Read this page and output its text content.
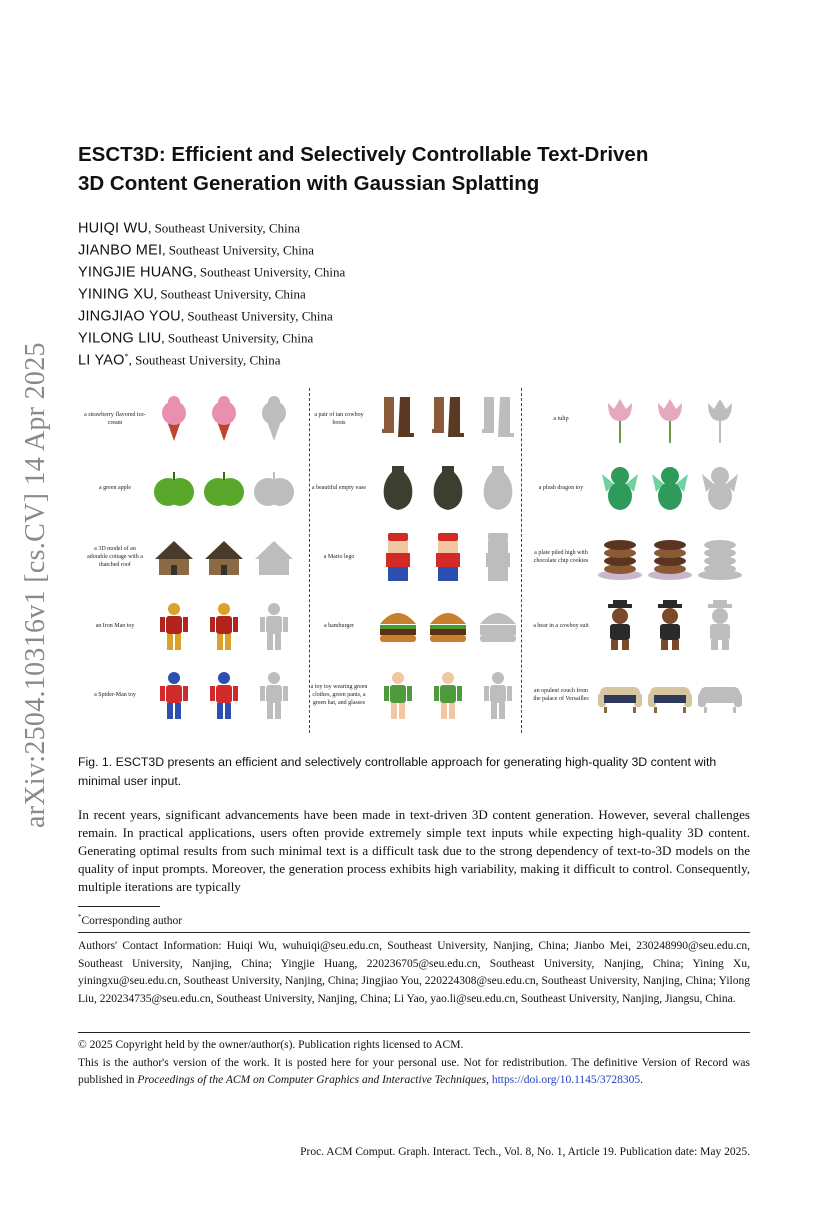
arXiv:2504.10316v1 [cs.CV] 14 Apr 2025
ESCT3D: Efficient and Selectively Controllable Text-Driven
3D Content Generation with Gaussian Splatting
HUIQI WU, Southeast University, China
JIANBO MEI, Southeast University, China
YINGJIE HUANG, Southeast University, China
YINING XU, Southeast University, China
JINGJIAO YOU, Southeast University, China
YILONG LIU, Southeast University, China
LI YAO*, Southeast University, China
a strawberry flavored ice-cream
a green apple
a 3D model of an adorable cottage with a thatched roof
an Iron Man toy
a Spider-Man toy
a pair of tan cowboy boots
a beautiful empty vase
a Mario lego
a hamburger
a toy toy wearing green clothes, green pants, a green hat, and glasses
a tulip
a plush dragon toy
a plate piled high with chocolate chip cookies
a bear in a cowboy suit
an opulent couch from the palace of Versailles
Fig. 1. ESCT3D presents an efficient and selectively controllable approach for generating high-quality 3D content with minimal user input.
In recent years, significant advancements have been made in text-driven 3D content generation. However, several challenges remain. In practical applications, users often provide extremely simple text inputs while expecting high-quality 3D content. Generating optimal results from such minimal text is a difficult task due to the strong dependency of text-to-3D models on the quality of input prompts. Moreover, the generation process exhibits high variability, making it difficult to control. Consequently, multiple iterations are typically
*Corresponding author
Authors' Contact Information: Huiqi Wu, wuhuiqi@seu.edu.cn, Southeast University, Nanjing, China; Jianbo Mei, 230248990@seu.edu.cn, Southeast University, Nanjing, China; Yingjie Huang, 220236705@seu.edu.cn, Southeast University, Nanjing, China; Yining Xu, yiningxu@seu.edu.cn, Southeast University, Nanjing, China; Jingjiao You, 220224308@seu.edu.cn, Southeast University, Nanjing, China; Yilong Liu, 220234735@seu.edu.cn, Southeast University, Nanjing, China; Li Yao, yao.li@seu.edu.cn, Southeast University, Nanjing, Jiangsu, China.
© 2025 Copyright held by the owner/author(s). Publication rights licensed to ACM.
This is the author's version of the work. It is posted here for your personal use. Not for redistribution. The definitive Version of Record was published in Proceedings of the ACM on Computer Graphics and Interactive Techniques, https://doi.org/10.1145/3728305.
Proc. ACM Comput. Graph. Interact. Tech., Vol. 8, No. 1, Article 19. Publication date: May 2025.
